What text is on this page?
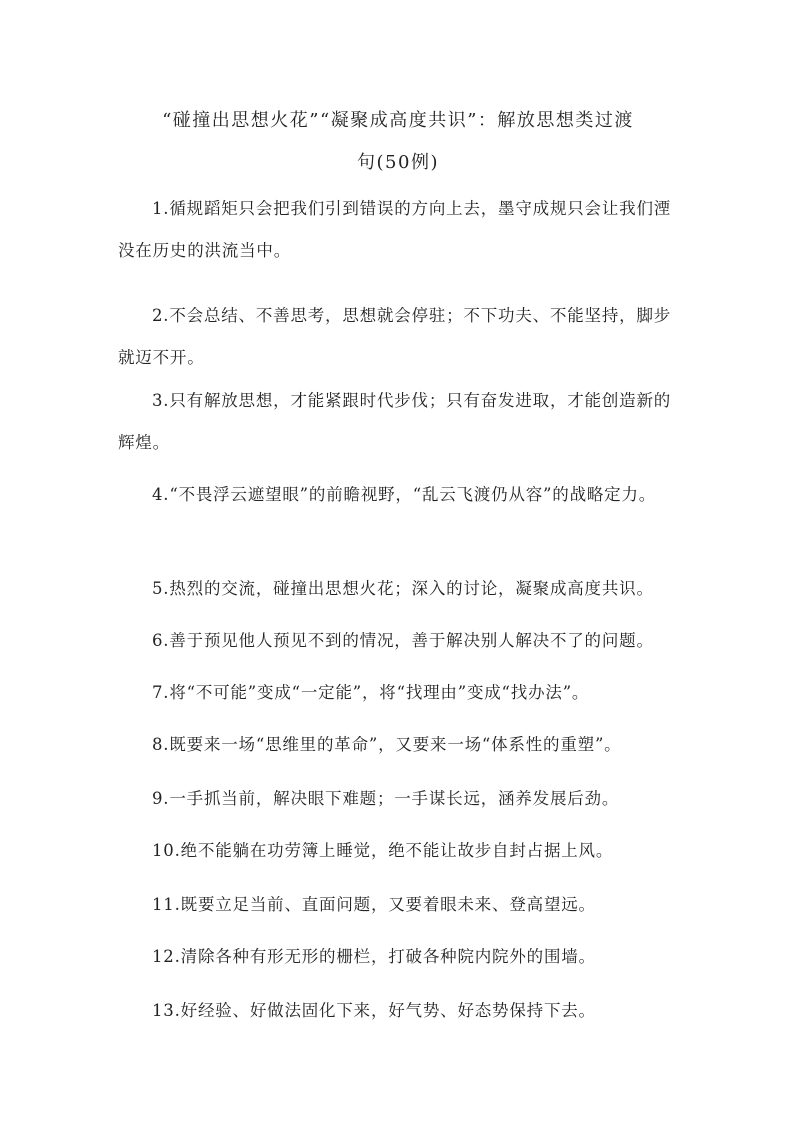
“碰撞出思想火花”“凝聚成高度共识”：解放思想类过渡
句(50例)
1.循规蹈矩只会把我们引到错误的方向上去，墨守成规只会让我们湮没在历史的洪流当中。
2.不会总结、不善思考，思想就会停驻；不下功夫、不能坚持，脚步就迈不开。
3.只有解放思想，才能紧跟时代步伐；只有奋发进取，才能创造新的辉煌。
4.“不畏浮云遮望眼”的前瞻视野，“乱云飞渡仍从容”的战略定力。
5.热烈的交流，碰撞出思想火花；深入的讨论，凝聚成高度共识。
6.善于预见他人预见不到的情况，善于解决别人解决不了的问题。
7.将“不可能”变成“一定能”，将“找理由”变成“找办法”。
8.既要来一场“思维里的革命”，又要来一场“体系性的重塑”。
9.一手抓当前，解决眼下难题；一手谋长远，涵养发展后劲。
10.绝不能躺在功劳簿上睡觉，绝不能让故步自封占据上风。
11.既要立足当前、直面问题，又要着眼未来、登高望远。
12.清除各种有形无形的栅栏，打破各种院内院外的围墙。
13.好经验、好做法固化下来，好气势、好态势保持下去。
